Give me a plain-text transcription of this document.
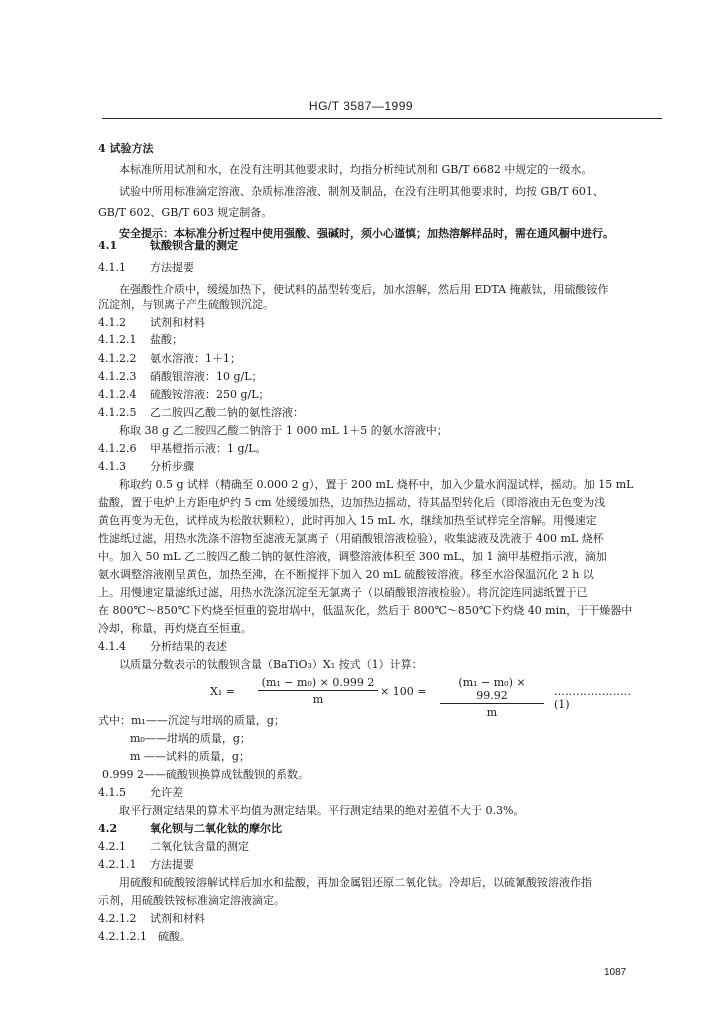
HG/T 3587—1999
4 试验方法
本标准所用试剂和水，在没有注明其他要求时，均指分析纯试剂和 GB/T 6682 中规定的一级水。
试验中所用标准滴定溶液、杂质标准溶液、制剂及制品，在没有注明其他要求时，均按 GB/T 601、
GB/T 602、GB/T 603 规定制备。
安全提示：本标准分析过程中使用强酸、强碱时，须小心谨慎；加热溶解样品时，需在通风橱中进行。
4.1	钛酸钡含量的测定
4.1.1 方法提要
在强酸性介质中，缓缓加热下，使试料的晶型转变后，加水溶解，然后用 EDTA 掩蔽钛，用硫酸铵作
沉淀剂，与钡离子产生硫酸钡沉淀。
4.1.2 试剂和材料
4.1.2.1 盐酸；
4.1.2.2 氨水溶液：1＋1；
4.1.2.3 硝酸银溶液：10 g/L；
4.1.2.4 硫酸铵溶液：250 g/L；
4.1.2.5 乙二胺四乙酸二钠的氨性溶液：
称取 38 g 乙二胺四乙酸二钠溶于 1 000 mL 1＋5 的氨水溶液中；
4.1.2.6 甲基橙指示液：1 g/L。
4.1.3 分析步骤
称取约 0.5 g 试样（精确至 0.000 2 g），置于 200 mL 烧杯中，加入少量水润湿试样，摇动。加 15 mL
盐酸，置于电炉上方距电炉约 5 cm 处缓缓加热，边加热边摇动，待其晶型转化后（即溶液由无色变为浅
黄色再变为无色，试样成为松散状颗粒），此时再加入 15 mL 水，继续加热至试样完全溶解。用慢速定
性滤纸过滤，用热水洗涤不溶物至滤液无氯离子（用硝酸银溶液检验），收集滤液及洗液于 400 mL 烧杯
中。加入 50 mL 乙二胺四乙酸二钠的氨性溶液，调整溶液体积至 300 mL，加 1 滴甲基橙指示液，滴加
氨水调整溶液刚呈黄色，加热至沸，在不断搅拌下加入 20 mL 硫酸铵溶液。移至水浴保温沉化 2 h 以
上。用慢速定量滤纸过滤，用热水洗涤沉淀至无氯离子（以硝酸银溶液检验）。将沉淀连同滤纸置于已
在 800℃～850℃下灼烧至恒重的瓷坩埚中，低温灰化，然后于 800℃～850℃下灼烧 40 min，于干燥器中
冷却，称量，再灼烧直至恒重。
4.1.4 分析结果的表述
以质量分数表示的钛酸钡含量（BaTiO₃）X₁ 按式（1）计算：
$X_1 = \frac{\text{(m₁ − m₀) × 0.999 2}}{m} \times 100 = \frac{\text{(m₁ − m₀) × 99.92}}{m}$ ………………… (1)
式中：m₁——沉淀与坩埚的质量，g；
m₀——坩埚的质量，g；
m ——试料的质量，g；
0.999 2——硫酸钡换算成钛酸钡的系数。
4.1.5 允许差
取平行测定结果的算术平均值为测定结果。平行测定结果的绝对差值不大于 0.3%。
4.2	氧化钡与二氧化钛的摩尔比
4.2.1 二氧化钛含量的测定
4.2.1.1 方法提要
用硫酸和硫酸铵溶解试样后加水和盐酸，再加金属铝还原二氧化钛。冷却后，以硫氰酸铵溶液作指
示剂，用硫酸铁铵标准滴定溶液滴定。
4.2.1.2 试剂和材料
4.2.1.2.1 硫酸。
1087
